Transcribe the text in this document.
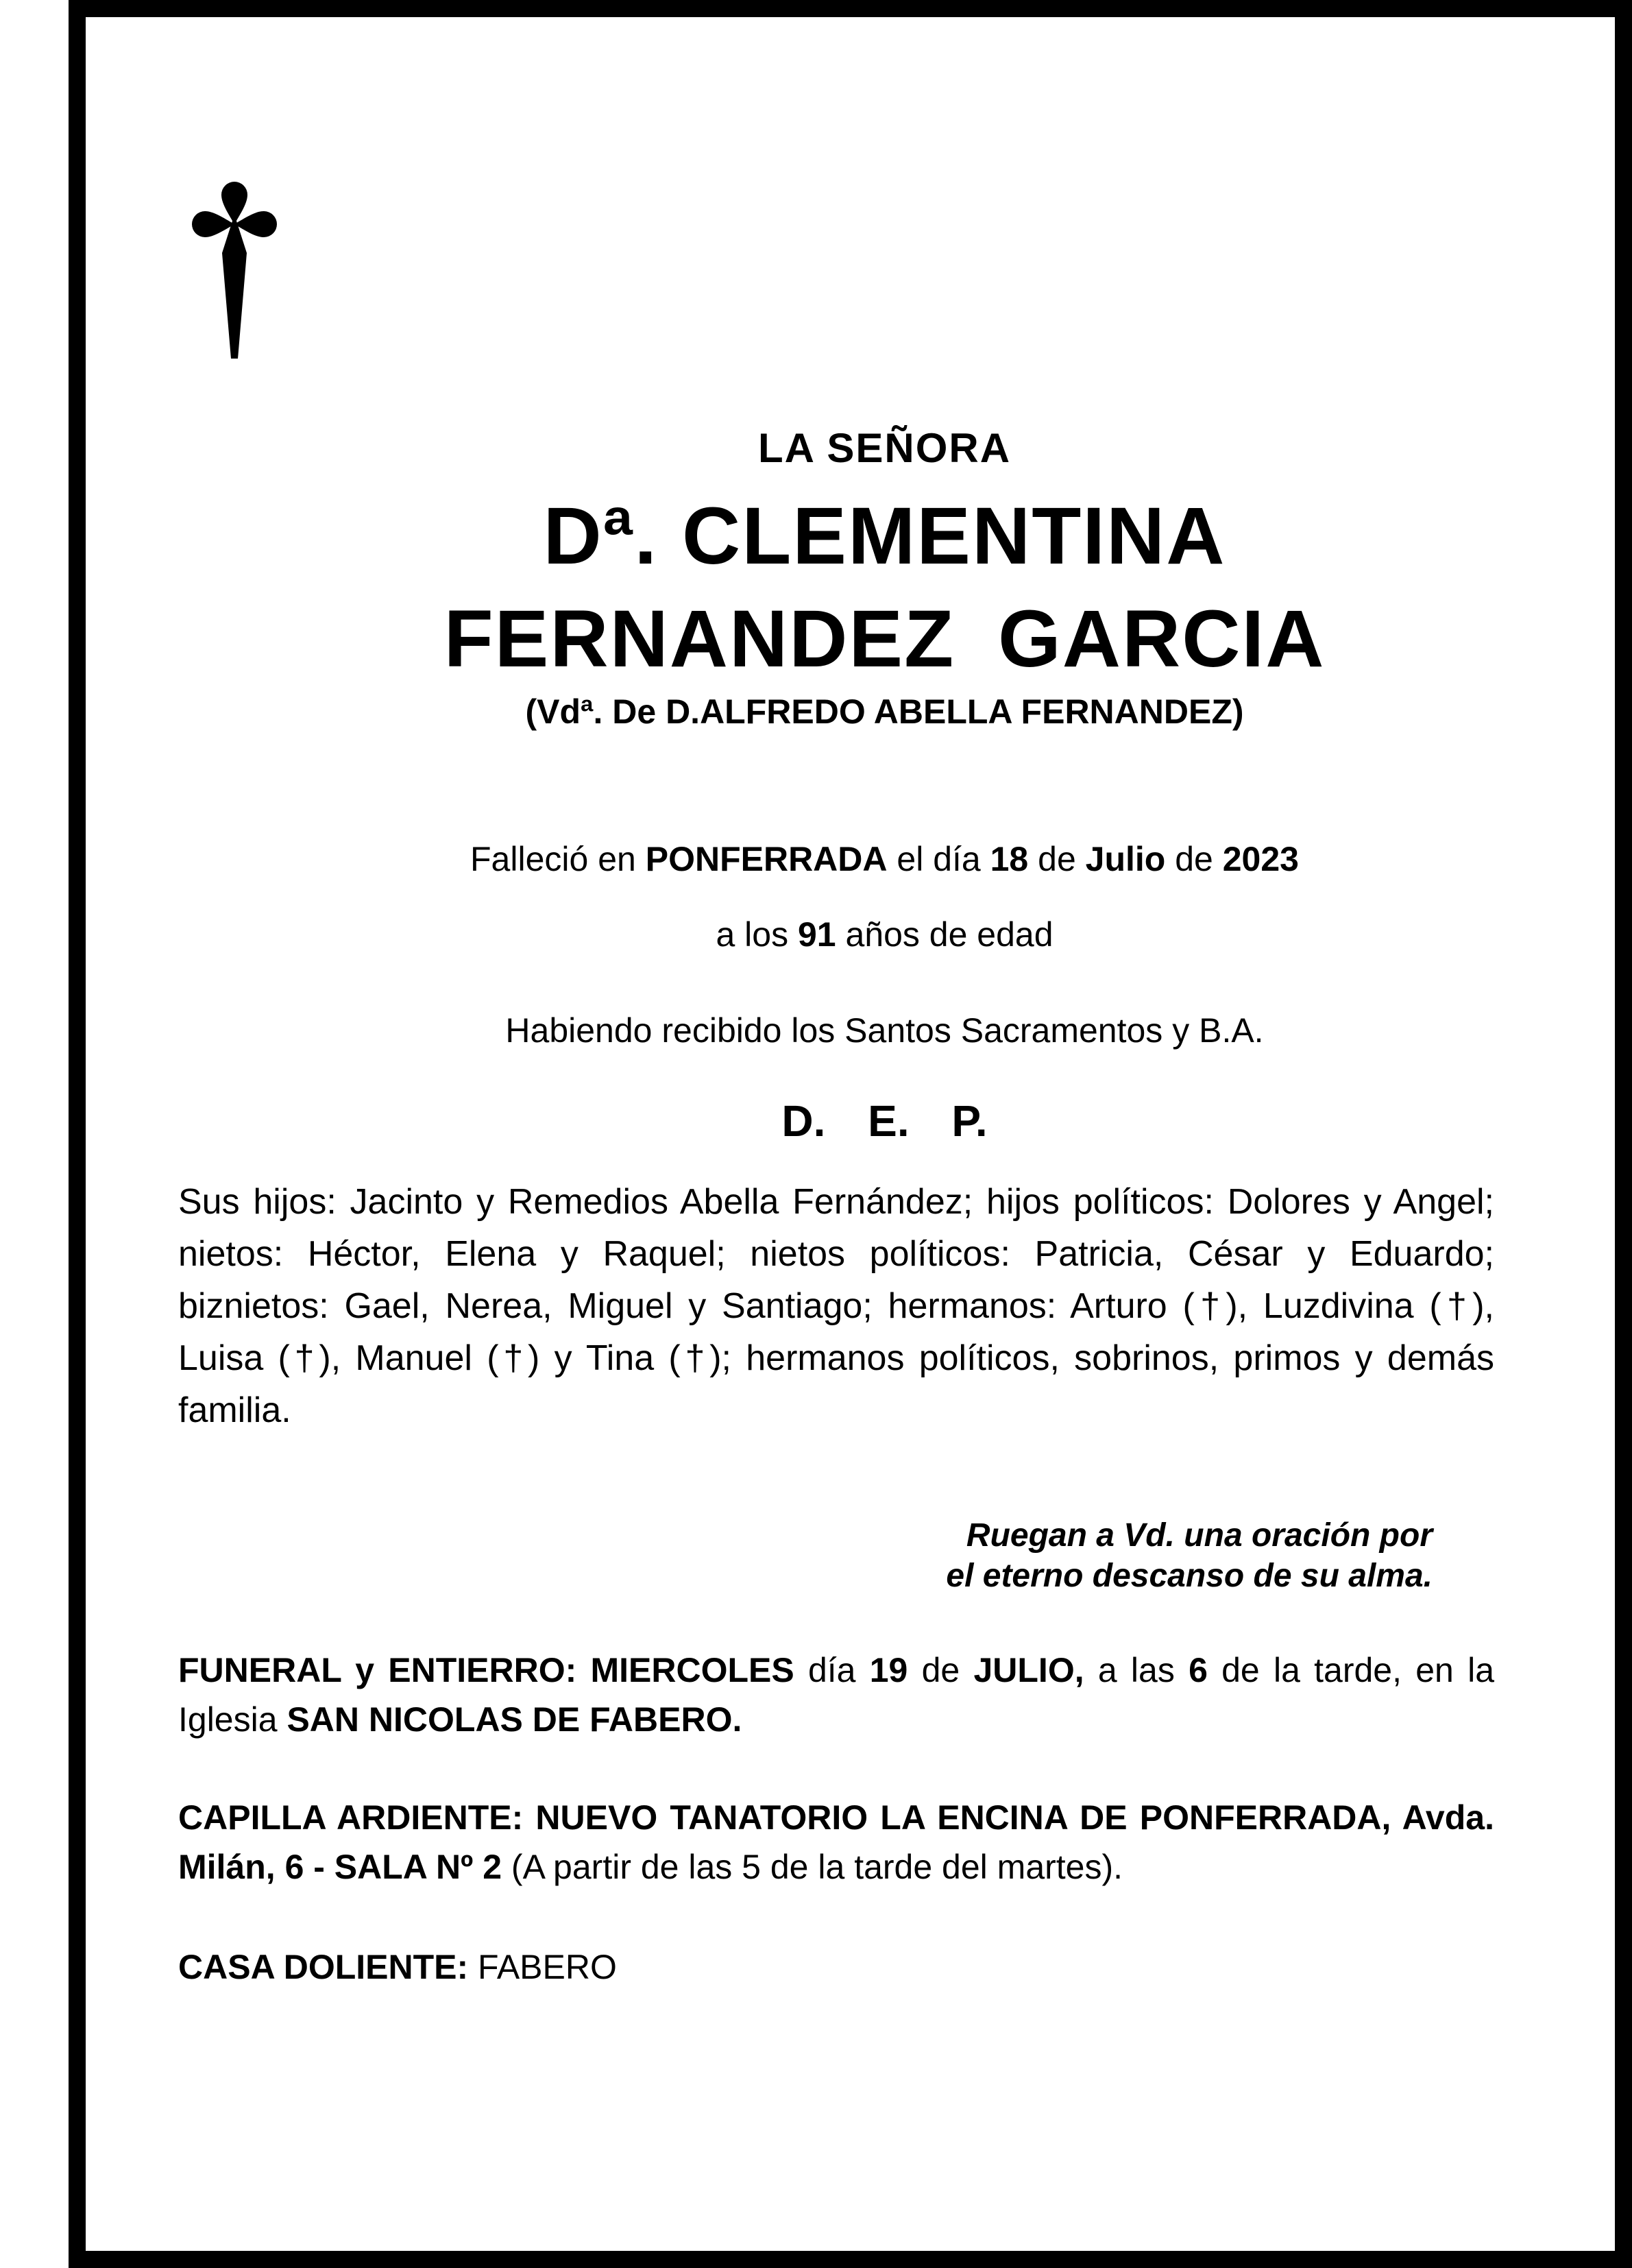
LA SEÑORA
Dª. CLEMENTINA
FERNANDEZ GARCIA
(Vdª. De D.ALFREDO ABELLA FERNANDEZ)
Falleció en PONFERRADA el día 18 de Julio de 2023
a los 91 años de edad
Habiendo recibido los Santos Sacramentos y B.A.
D. E. P.
Sus hijos: Jacinto y Remedios Abella Fernández; hijos políticos: Dolores y Angel; nietos: Héctor, Elena y Raquel; nietos políticos: Patricia, César y Eduardo; biznietos: Gael, Nerea, Miguel y Santiago; hermanos: Arturo (†), Luzdivina (†), Luisa (†), Manuel (†) y Tina (†); hermanos políticos, sobrinos, primos y demás familia.
Ruegan a Vd. una oración por
el eterno descanso de su alma.
FUNERAL y ENTIERRO: MIERCOLES día 19 de JULIO, a las 6 de la tarde, en la Iglesia SAN NICOLAS DE FABERO.
CAPILLA ARDIENTE: NUEVO TANATORIO LA ENCINA DE PONFERRADA, Avda. Milán, 6 - SALA Nº 2 (A partir de las 5 de la tarde del martes).
CASA DOLIENTE: FABERO
